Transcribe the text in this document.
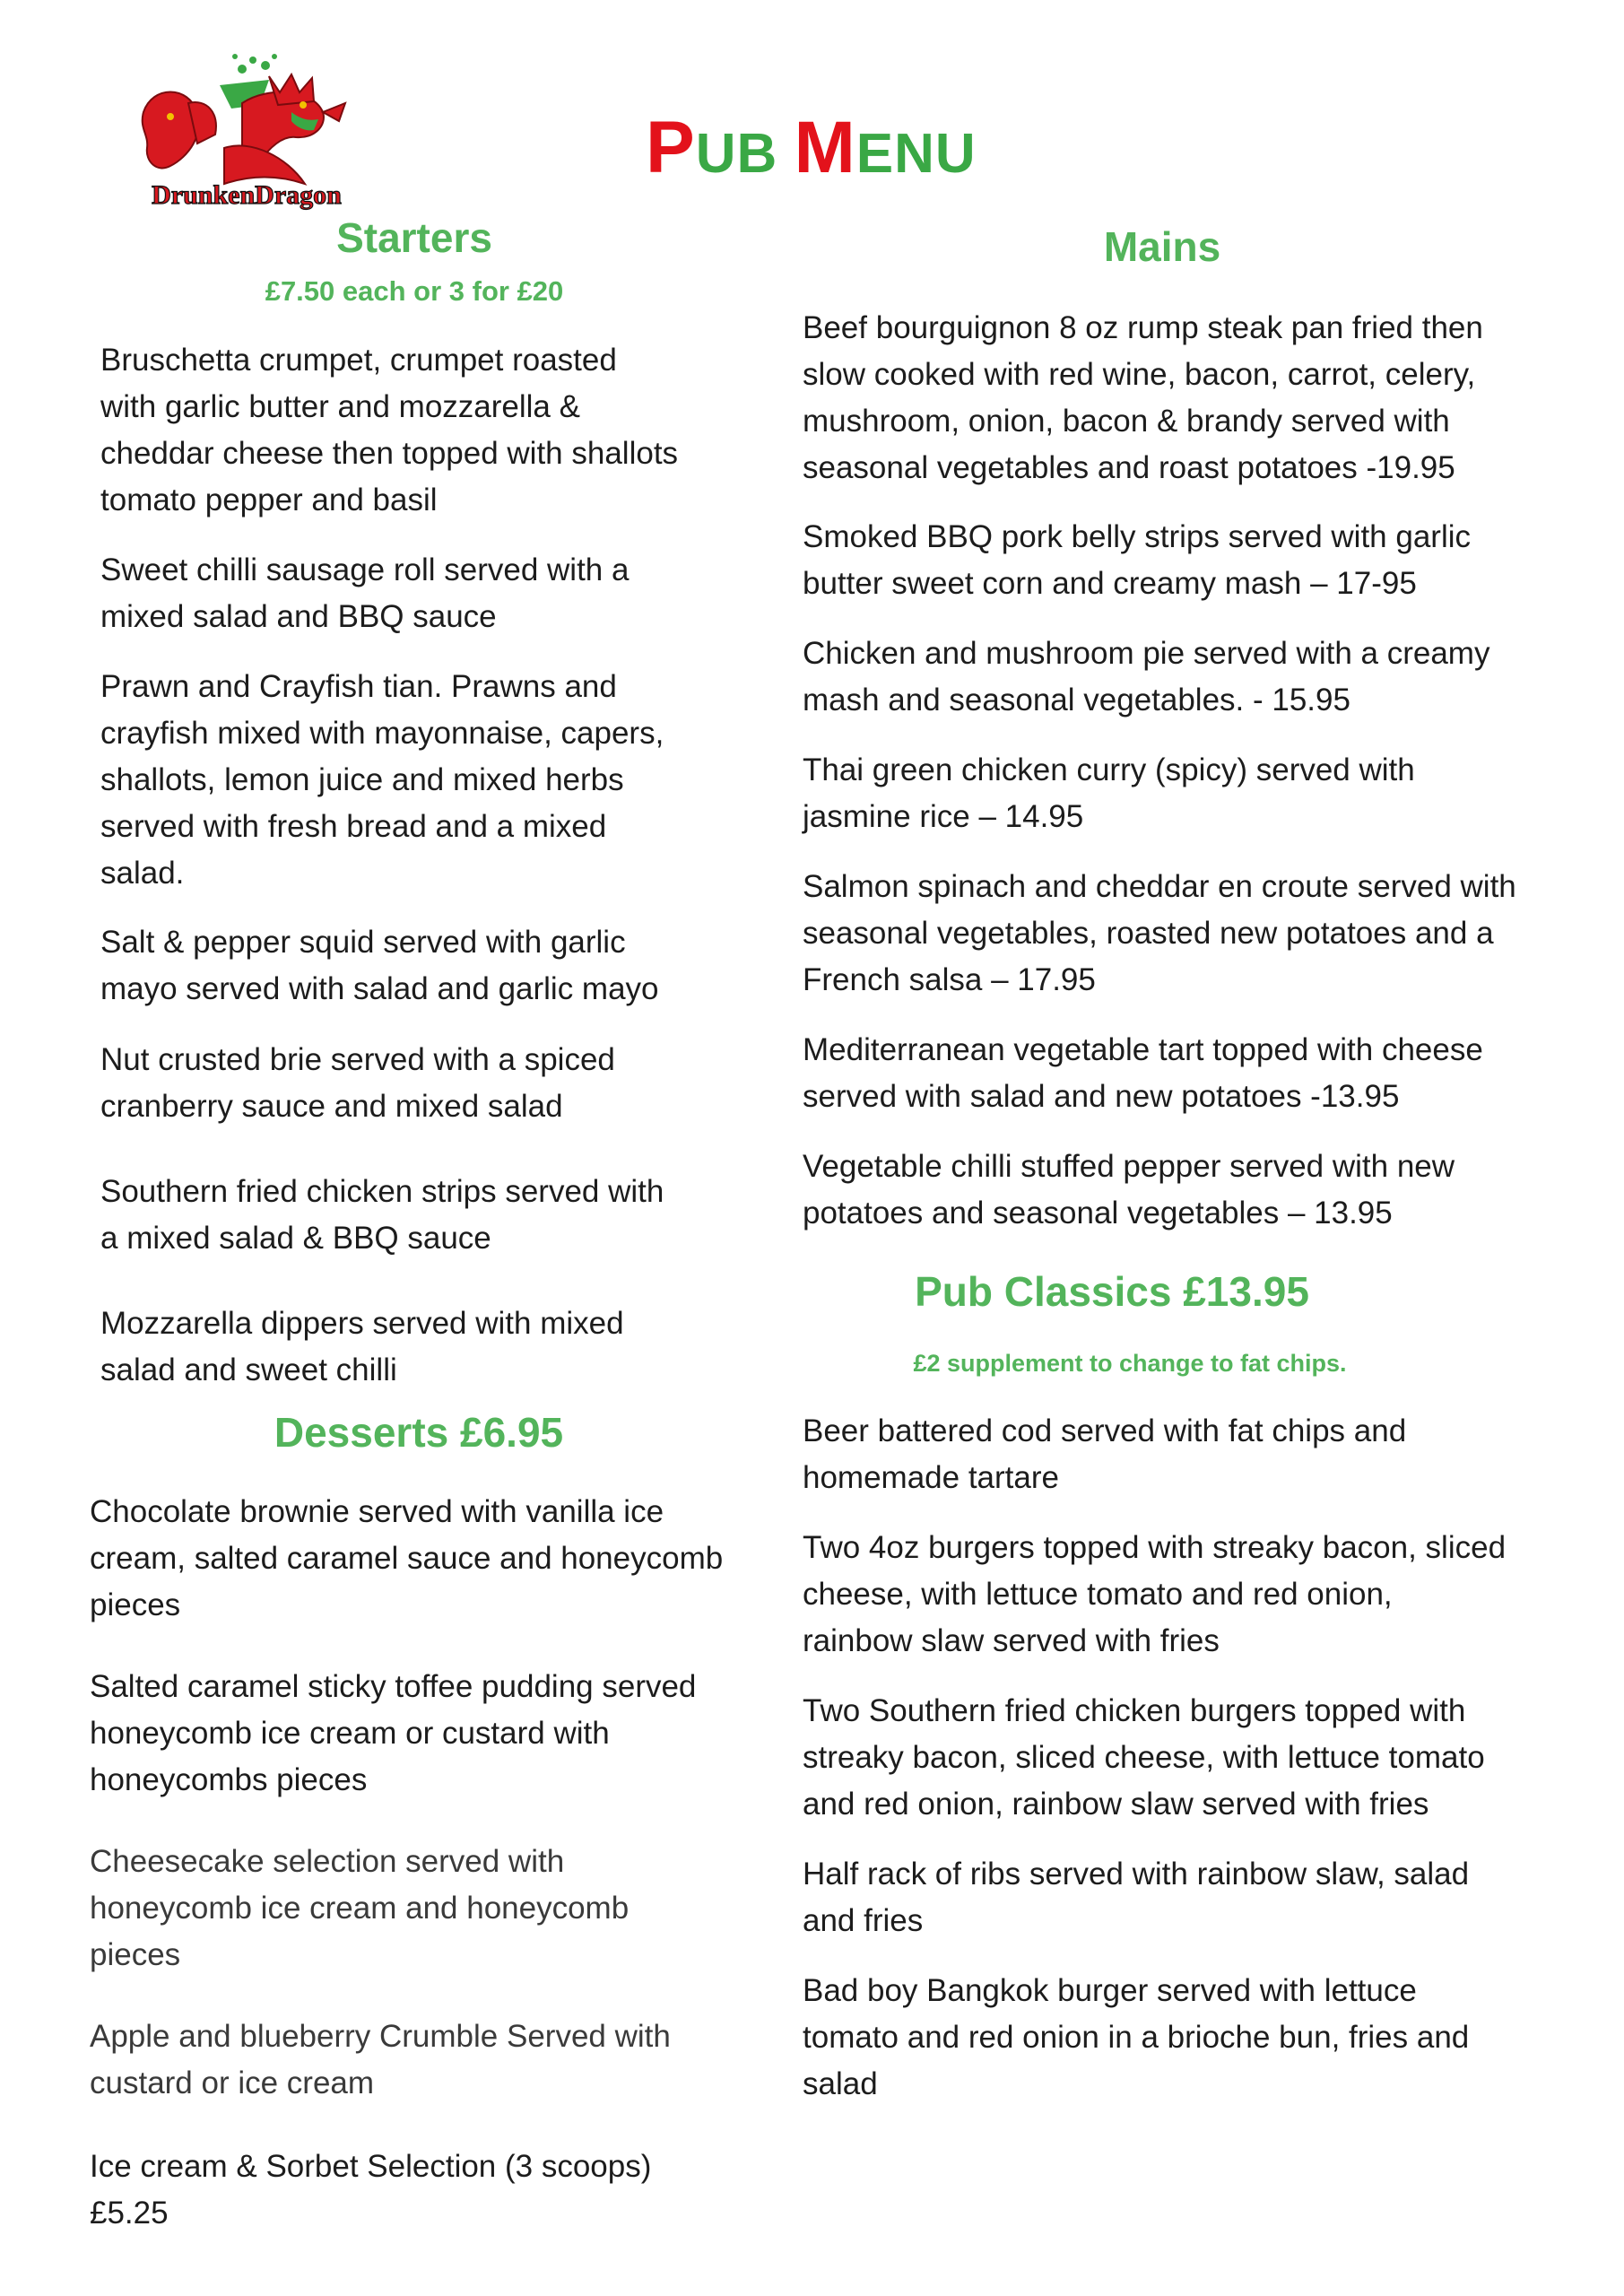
DrunkenDragon
PUB MENU
Starters
£7.50 each or 3 for £20
Bruschetta crumpet, crumpet roasted
with garlic butter and mozzarella &
cheddar cheese then topped with shallots
tomato pepper and basil
Sweet chilli sausage roll served with a
mixed salad and BBQ sauce
Prawn and Crayfish tian. Prawns and
crayfish mixed with mayonnaise, capers,
shallots, lemon juice and mixed herbs
served with fresh bread and a mixed
salad.
Salt & pepper squid served with garlic
mayo served with salad and garlic mayo
Nut crusted brie served with a spiced
cranberry sauce and mixed salad
Southern fried chicken strips served with
a mixed salad & BBQ sauce
Mozzarella dippers served with mixed
salad and sweet chilli
Desserts £6.95
Chocolate brownie served with vanilla ice
cream, salted caramel sauce and honeycomb
pieces
Salted caramel sticky toffee pudding served
honeycomb ice cream or custard with
honeycombs pieces
Cheesecake selection served with
honeycomb ice cream and honeycomb
pieces
Apple and blueberry Crumble Served with
custard or ice cream
Ice cream & Sorbet Selection (3 scoops)
£5.25
Mains
Beef bourguignon 8 oz rump steak pan fried then
slow cooked with red wine, bacon, carrot, celery,
mushroom, onion, bacon & brandy served with
seasonal vegetables and roast potatoes -19.95
Smoked BBQ pork belly strips served with garlic
butter sweet corn and creamy mash – 17-95
Chicken and mushroom pie served with a creamy
mash and seasonal vegetables. - 15.95
Thai green chicken curry (spicy) served with
jasmine rice – 14.95
Salmon spinach and cheddar en croute served with
seasonal vegetables, roasted new potatoes and a
French salsa – 17.95
Mediterranean vegetable tart topped with cheese
served with salad and new potatoes -13.95
Vegetable chilli stuffed pepper served with new
potatoes and seasonal vegetables – 13.95
Pub Classics £13.95
£2 supplement to change to fat chips.
Beer battered cod served with fat chips and
homemade tartare
Two 4oz burgers topped with streaky bacon, sliced
cheese, with lettuce tomato and red onion,
rainbow slaw served with fries
Two Southern fried chicken burgers topped with
streaky bacon, sliced cheese, with lettuce tomato
and red onion, rainbow slaw served with fries
Half rack of ribs served with rainbow slaw, salad
and fries
Bad boy Bangkok burger served with lettuce
tomato and red onion in a brioche bun, fries and
salad
